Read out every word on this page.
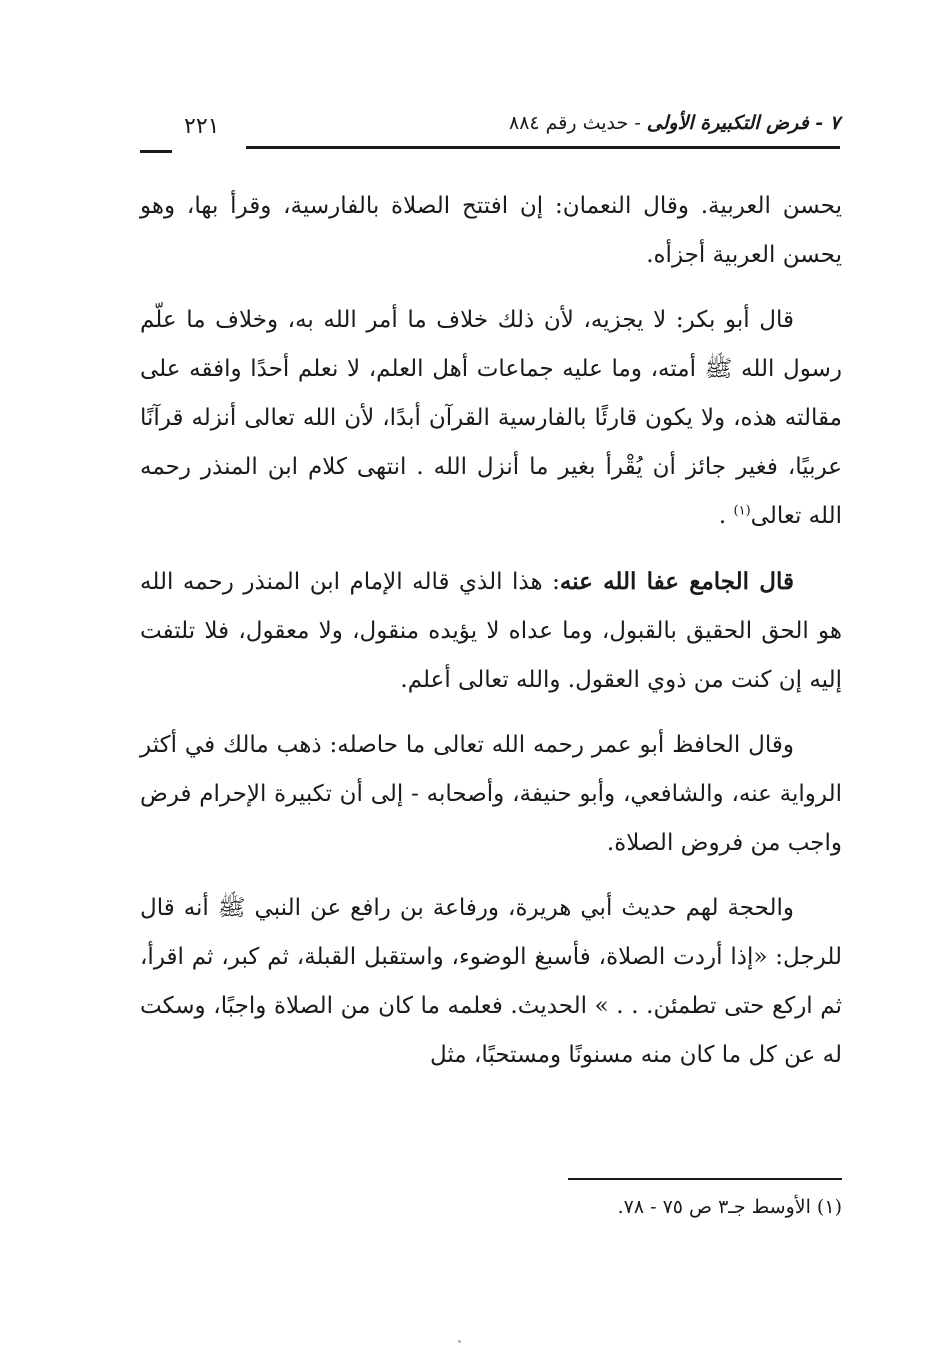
٧ - فرض التكبيرة الأولى - حديث رقم ٨٨٤
٢٢١

يحسن العربية. وقال النعمان: إن افتتح الصلاة بالفارسية، وقرأ بها، وهو يحسن العربية أجزأه.

قال أبو بكر: لا يجزيه، لأن ذلك خلاف ما أمر الله به، وخلاف ما علّم رسول الله ﷺ أمته، وما عليه جماعات أهل العلم، لا نعلم أحدًا وافقه على مقالته هذه، ولا يكون قارئًا بالفارسية القرآن أبدًا، لأن الله تعالى أنزله قرآنًا عربيًا، فغير جائز أن يُقْرأ بغير ما أنزل الله . انتهى كلام ابن المنذر رحمه الله تعالى$^{(١)}$ .

قال الجامع عفا الله عنه: هذا الذي قاله الإمام ابن المنذر رحمه الله هو الحق الحقيق بالقبول، وما عداه لا يؤيده منقول، ولا معقول، فلا تلتفت إليه إن كنت من ذوي العقول. والله تعالى أعلم.

وقال الحافظ أبو عمر رحمه الله تعالى ما حاصله: ذهب مالك في أكثر الرواية عنه، والشافعي، وأبو حنيفة، وأصحابه - إلى أن تكبيرة الإحرام فرض واجب من فروض الصلاة.

والحجة لهم حديث أبي هريرة، ورفاعة بن رافع عن النبي ﷺ أنه قال للرجل: «إذا أردت الصلاة، فأسبغ الوضوء، واستقبل القبلة، ثم كبر، ثم اقرأ، ثم اركع حتى تطمئن. . . » الحديث. فعلمه ما كان من الصلاة واجبًا، وسكت له عن كل ما كان منه مسنونًا ومستحبًا، مثل

(١) الأوسط جـ٣ ص ٧٥ - ٧٨.
